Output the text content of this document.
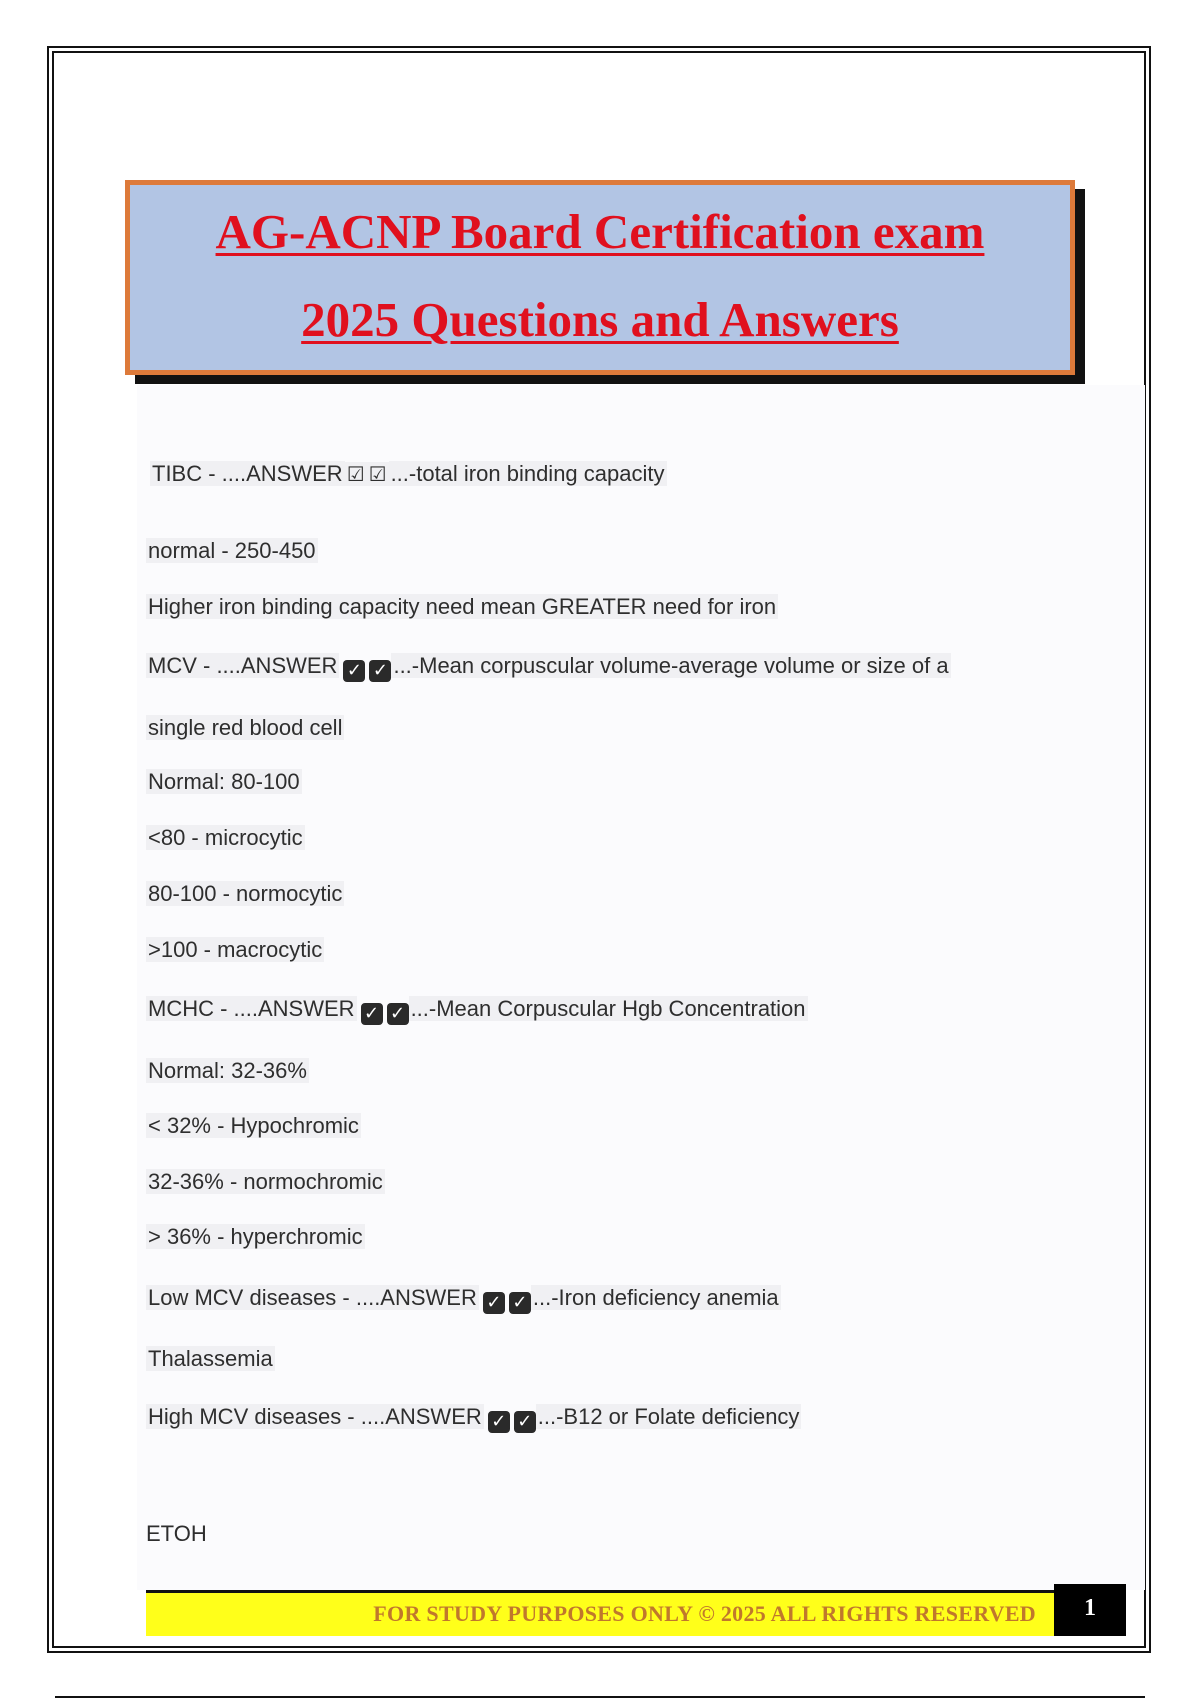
AG-ACNP Board Certification exam
2025 Questions and Answers
TIBC - ....ANSWER ☑ ☑ ...-total iron binding capacity
normal - 250-450
Higher iron binding capacity need mean GREATER need for iron
MCV - ....ANSWER ✓ ✓ ...-Mean corpuscular volume-average volume or size of a
single red blood cell
Normal: 80-100
<80 - microcytic
80-100 - normocytic
>100 - macrocytic
MCHC - ....ANSWER ✓ ✓ ...-Mean Corpuscular Hgb Concentration
Normal: 32-36%
< 32% - Hypochromic
32-36% - normochromic
> 36% - hyperchromic
Low MCV diseases - ....ANSWER ✓ ✓ ...-Iron deficiency anemia
Thalassemia
High MCV diseases - ....ANSWER ✓ ✓ ...-B12 or Folate deficiency
ETOH
FOR STUDY PURPOSES ONLY © 2025 ALL RIGHTS RESERVED	1
